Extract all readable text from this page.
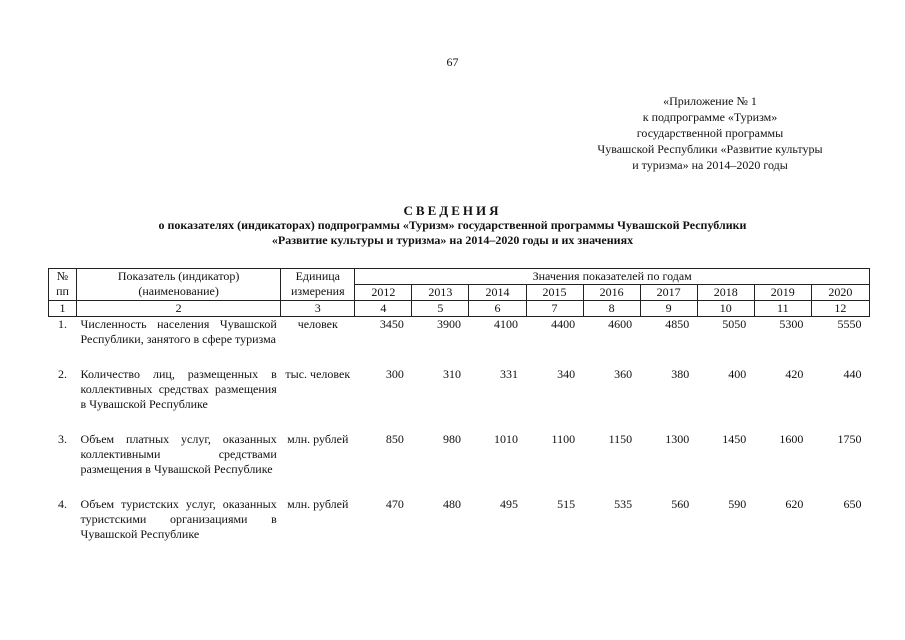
67
«Приложение № 1
к подпрограмме «Туризм»
государственной программы
Чувашской Республики «Развитие культуры
и туризма» на 2014–2020 годы
СВЕДЕНИЯ
о показателях (индикаторах) подпрограммы «Туризм» государственной программы Чувашской Республики
«Развитие культуры и туризма» на 2014–2020 годы и их значениях
№ пп	Показатель (индикатор) (наименование)	Единица измерения	Значения показателей по годам								
			2012	2013	2014	2015	2016	2017	2018	2019	2020
1	2	3	4	5	6	7	8	9	10	11	12
1.	Численность населения Чувашской Республики, занятого в сфере туризма	человек	3450	3900	4100	4400	4600	4850	5050	5300	5550

2.	Количество лиц, размещенных в коллективных средствах размещения в Чувашской Республике	тыс. человек	300	310	331	340	360	380	400	420	440

3.	Объем платных услуг, оказанных коллективными средствами размещения в Чувашской Республике	млн. рублей	850	980	1010	1100	1150	1300	1450	1600	1750

4.	Объем туристских услуг, оказанных туристскими организациями в Чувашской Республике	млн. рублей	470	480	495	515	535	560	590	620	650
